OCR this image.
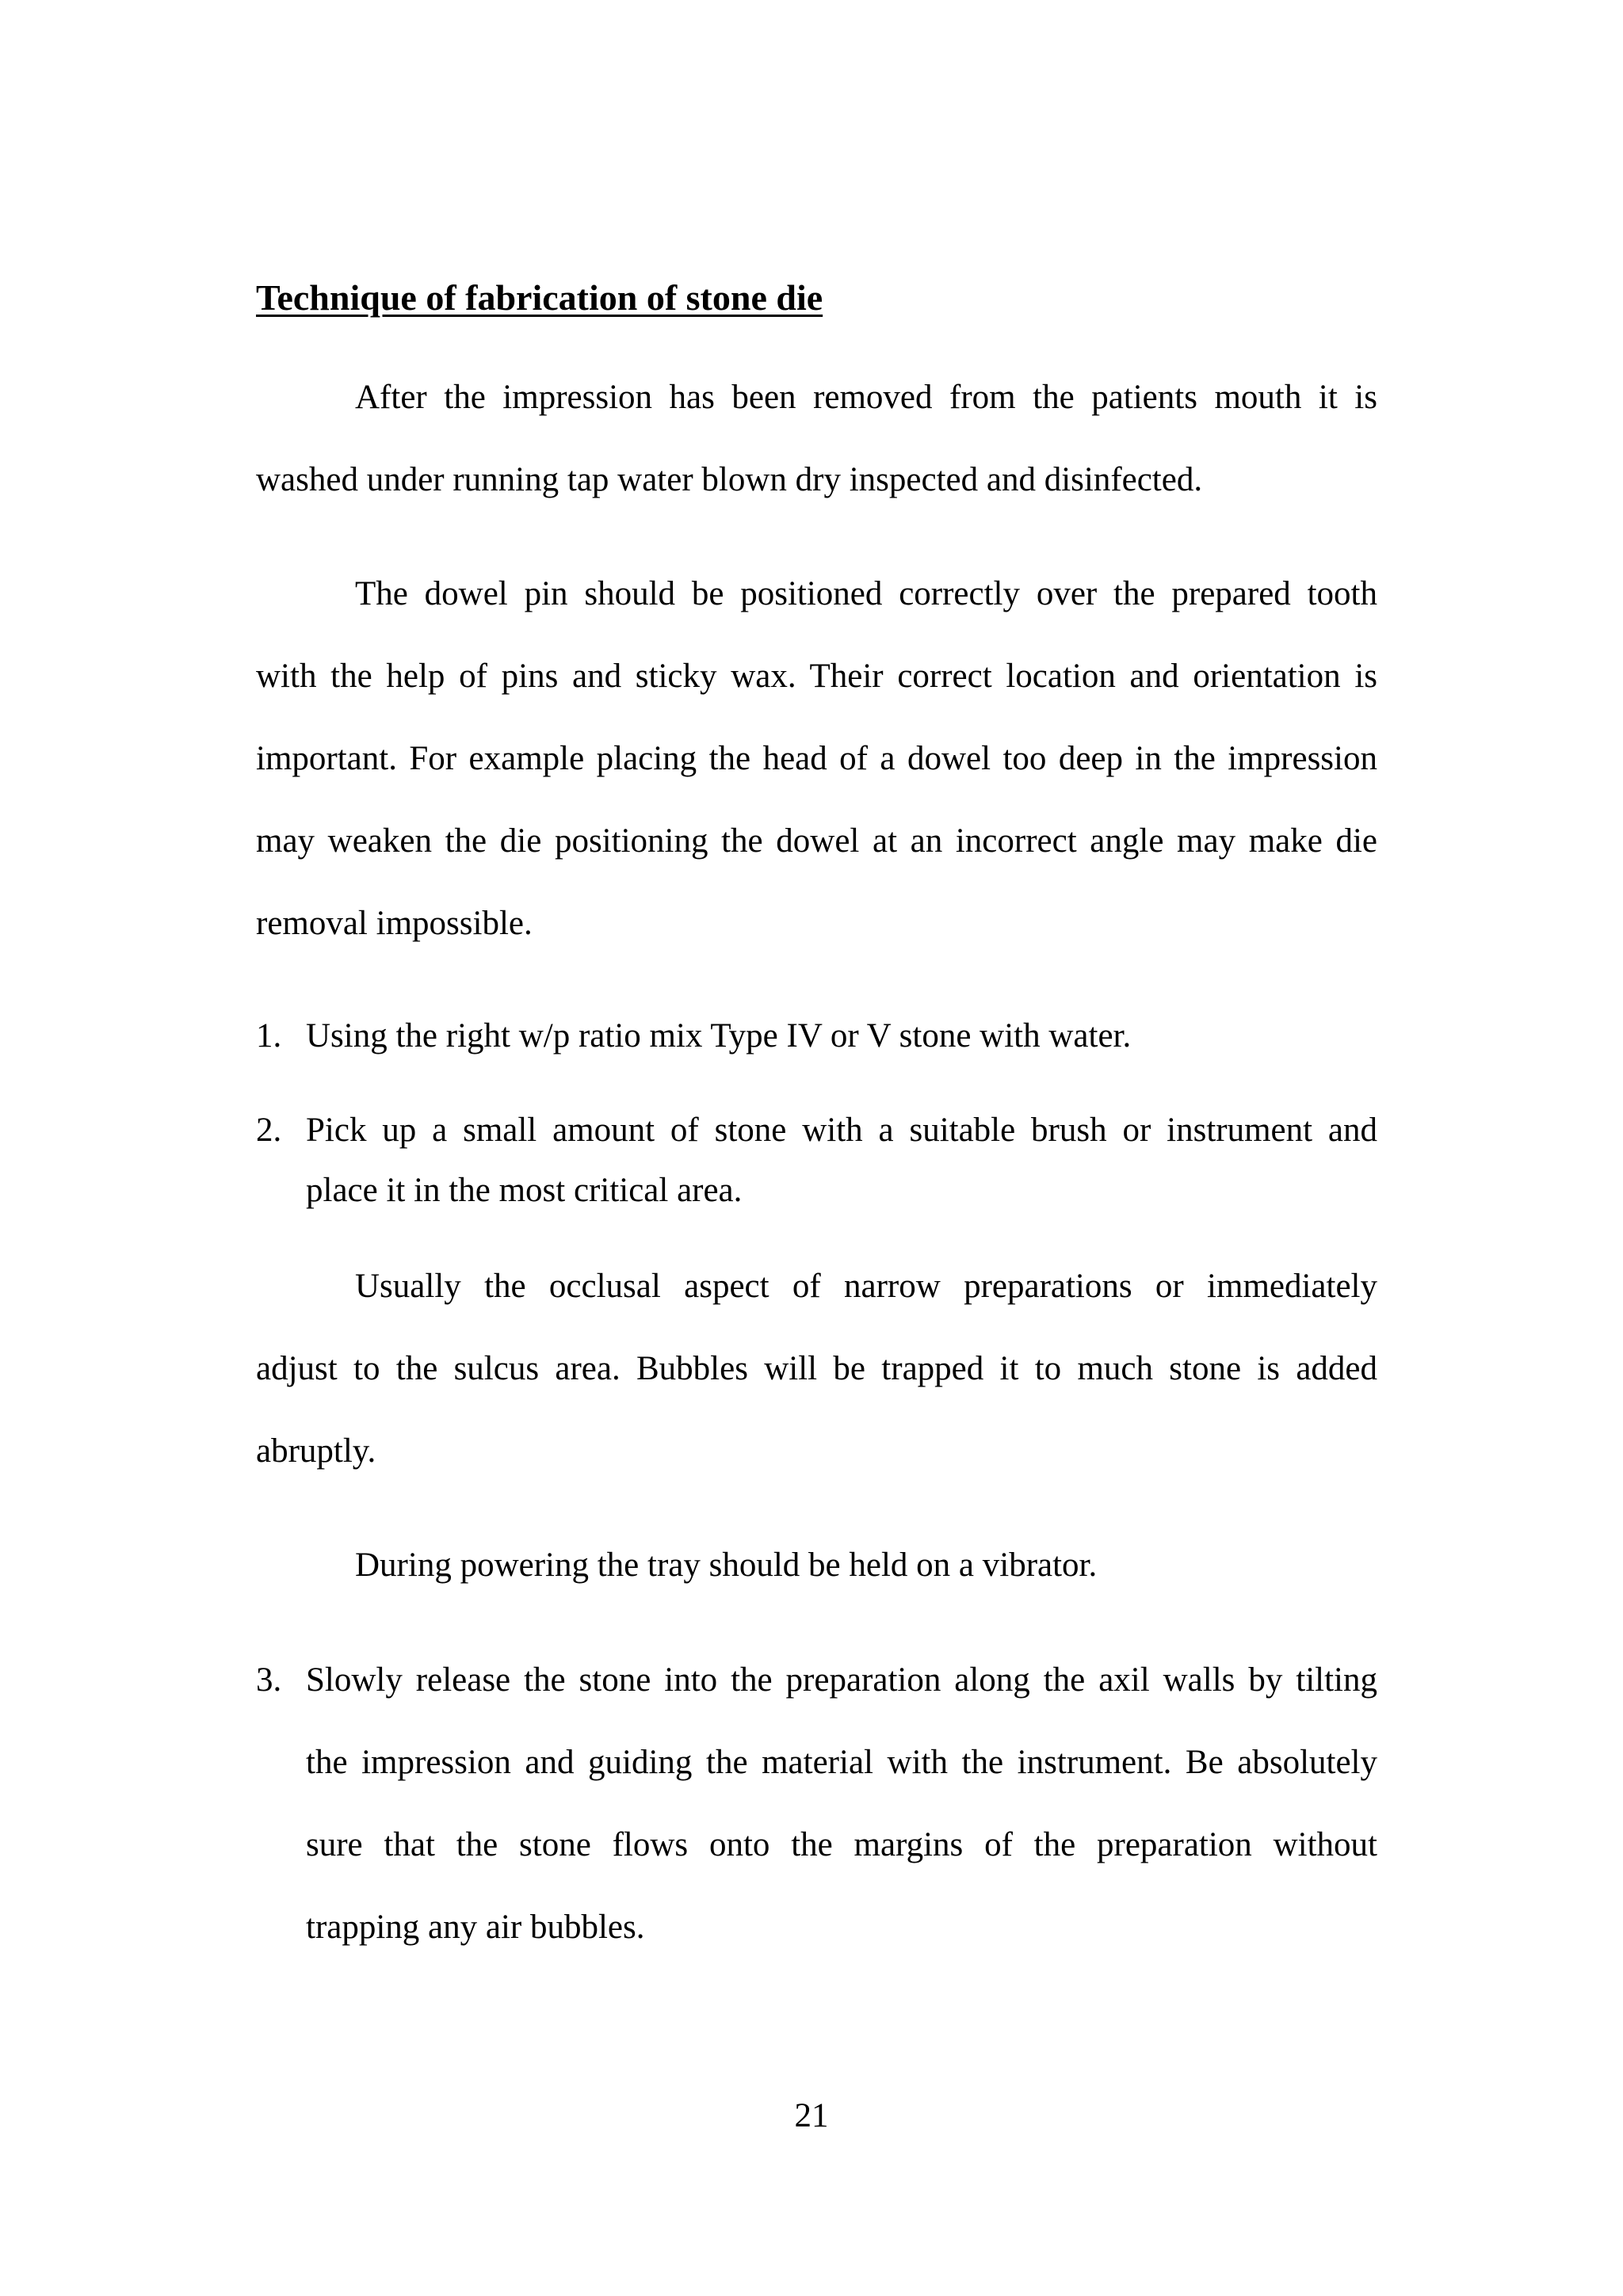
Technique of fabrication of stone die
After the impression has been removed from the patients mouth it is
washed under running tap water blown dry inspected and disinfected.
The dowel pin should be positioned correctly over the prepared tooth
with the help of pins and sticky wax. Their correct location and orientation is
important. For example placing the head of a dowel too deep in the impression
may weaken the die positioning the dowel at an incorrect angle may make die
removal impossible.
1. Using the right w/p ratio mix Type IV or V stone with water.
2. Pick up a small amount of stone with a suitable brush or instrument and
place it in the most critical area.
Usually the occlusal aspect of narrow preparations or immediately
adjust to the sulcus area. Bubbles will be trapped it to much stone is added
abruptly.
During powering the tray should be held on a vibrator.
3. Slowly release the stone into the preparation along the axil walls by tilting
the impression and guiding the material with the instrument. Be absolutely
sure that the stone flows onto the margins of the preparation without
trapping any air bubbles.
21
